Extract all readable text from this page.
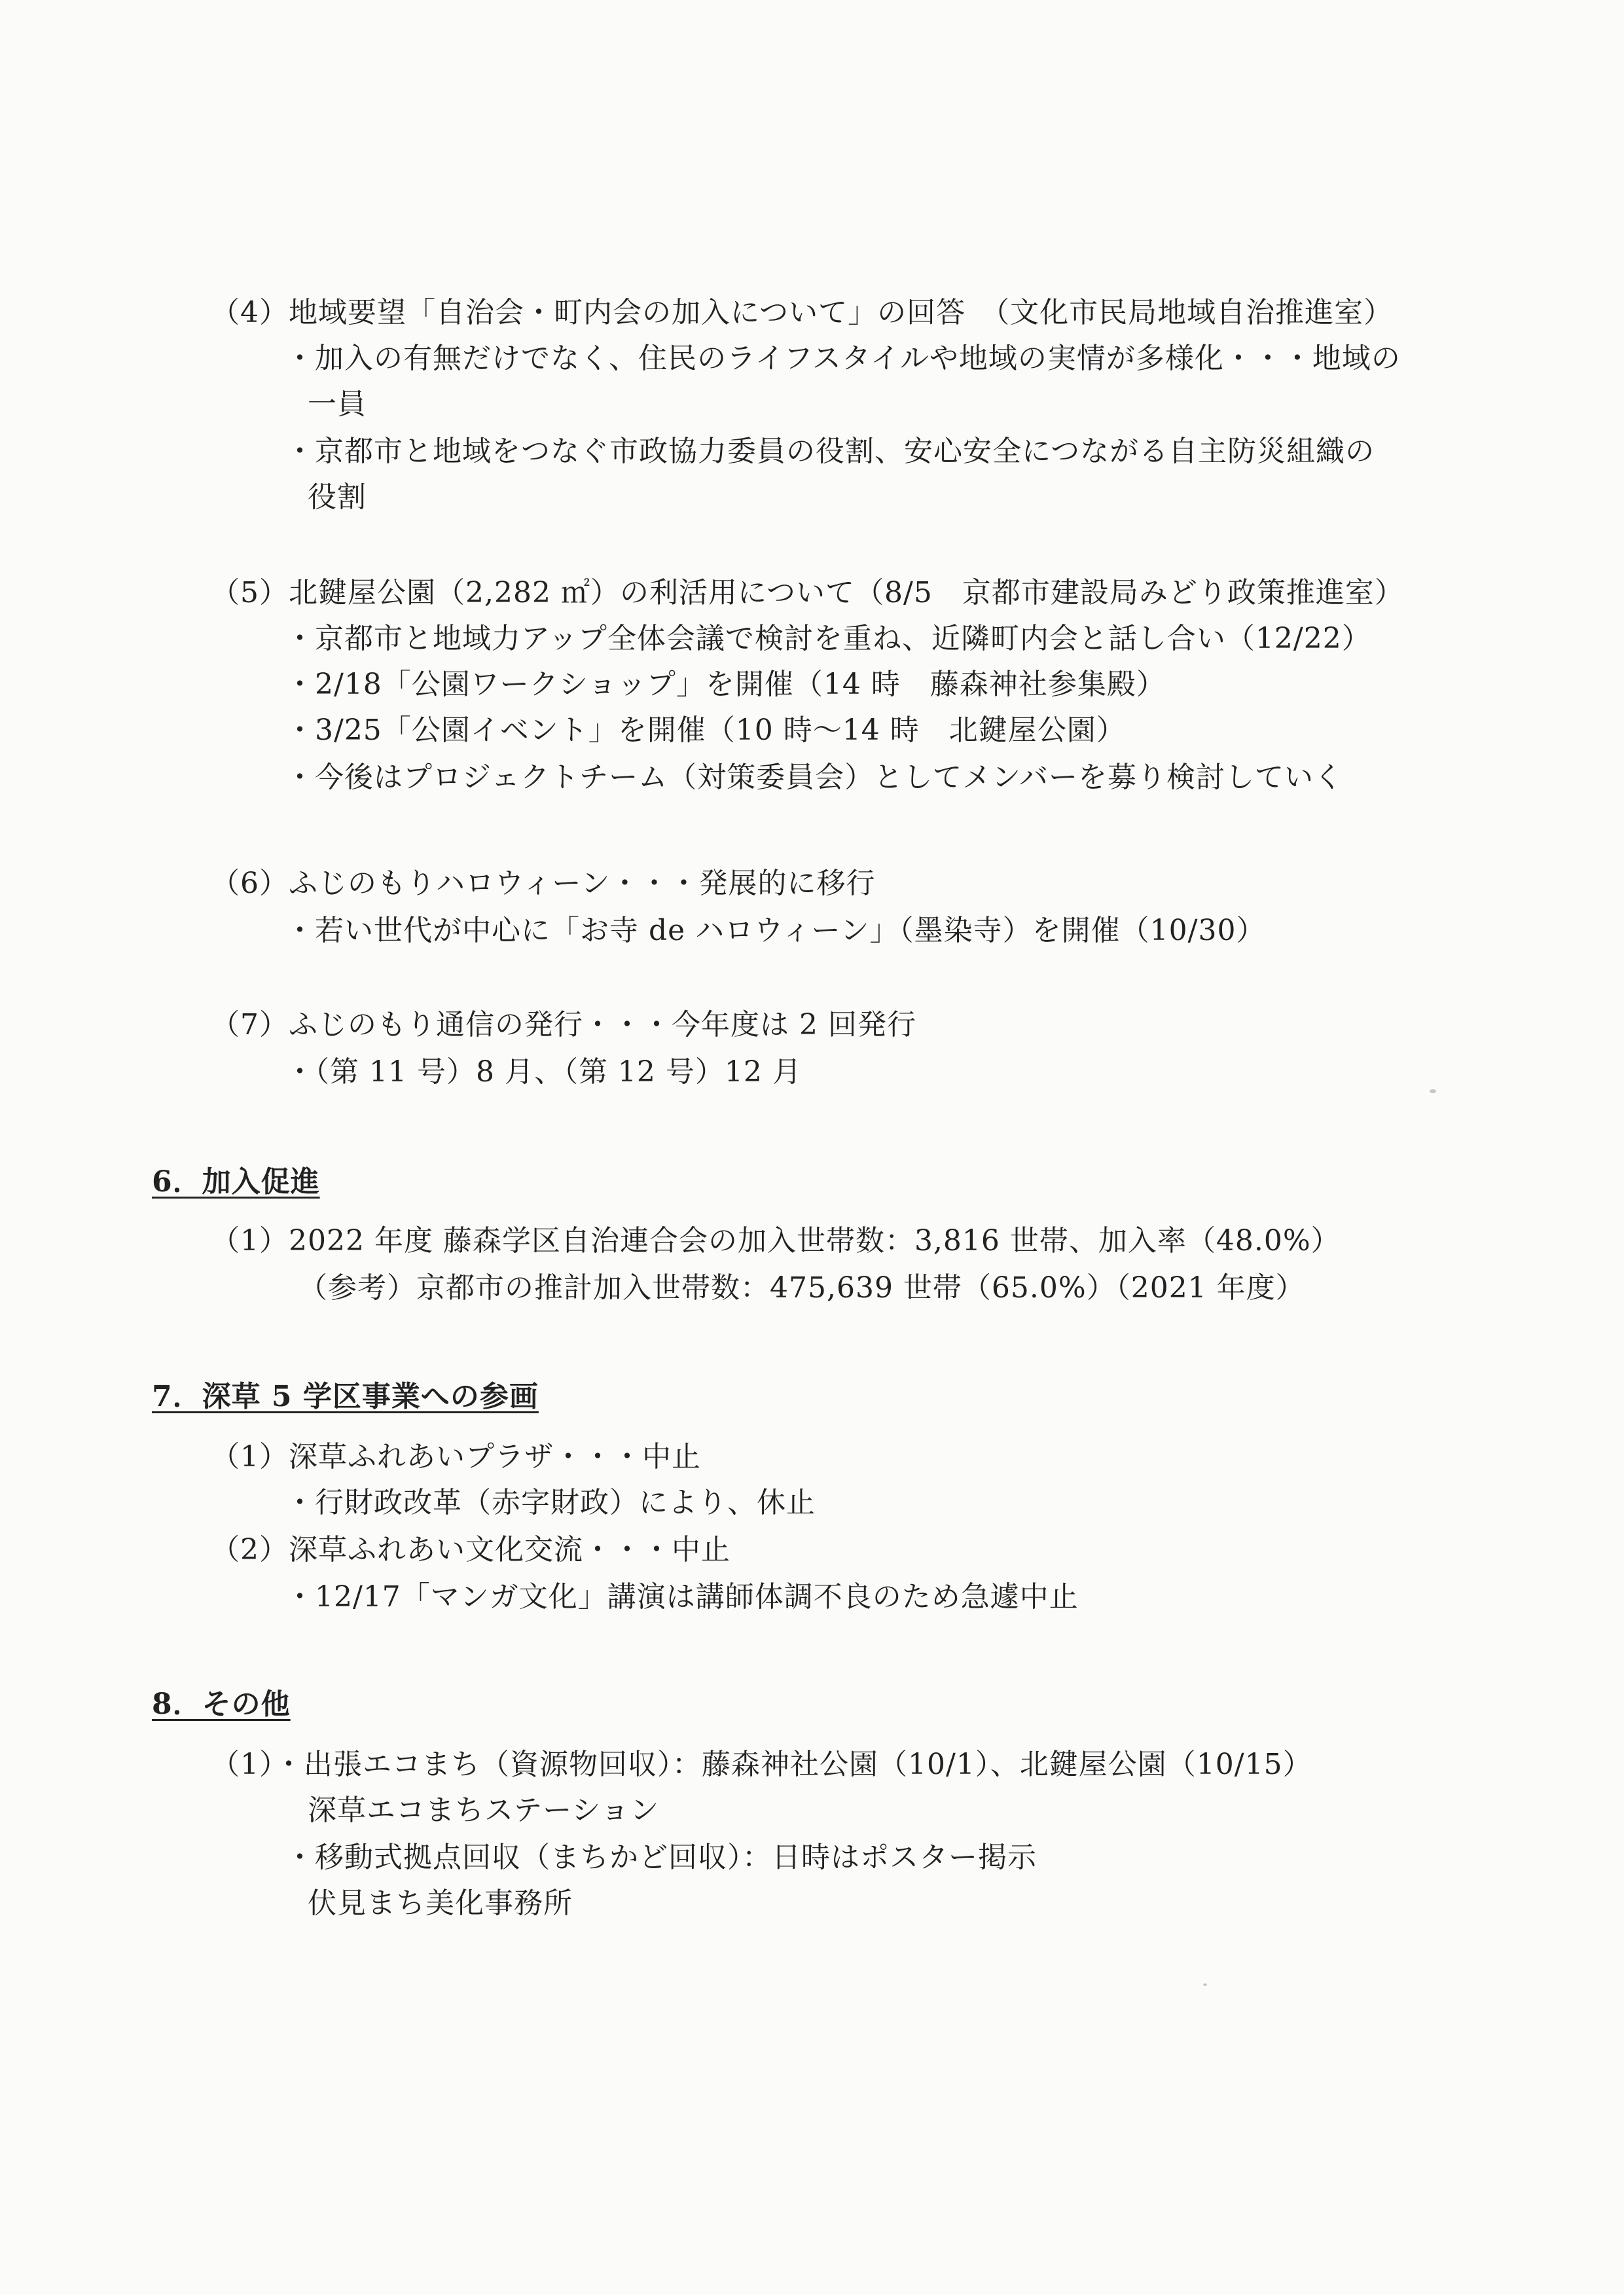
（4）地域要望「自治会・町内会の加入について」の回答　（文化市民局地域自治推進室）
・加入の有無だけでなく、住民のライフスタイルや地域の実情が多様化・・・地域の
一員
・京都市と地域をつなぐ市政協力委員の役割、安心安全につながる自主防災組織の
役割
（5）北鍵屋公園（2,282 ㎡）の利活用について（8/5　京都市建設局みどり政策推進室）
・京都市と地域力アップ全体会議で検討を重ね、近隣町内会と話し合い（12/22）
・2/18「公園ワークショップ」を開催（14 時　藤森神社参集殿）
・3/25「公園イベント」を開催（10 時～14 時　北鍵屋公園）
・今後はプロジェクトチーム（対策委員会）としてメンバーを募り検討していく
（6）ふじのもりハロウィーン・・・発展的に移行
・若い世代が中心に「お寺 de ハロウィーン」（墨染寺）を開催（10/30）
（7）ふじのもり通信の発行・・・今年度は 2 回発行
・（第 11 号）8 月、（第 12 号）12 月
6．加入促進
（1）2022 年度 藤森学区自治連合会の加入世帯数：3,816 世帯、加入率（48.0%）
（参考）京都市の推計加入世帯数：475,639 世帯（65.0%）（2021 年度）
7．深草 5 学区事業への参画
（1）深草ふれあいプラザ・・・中止
・行財政改革（赤字財政）により、休止
（2）深草ふれあい文化交流・・・中止
・12/17「マンガ文化」講演は講師体調不良のため急遽中止
8．その他
（1）・出張エコまち（資源物回収）：藤森神社公園（10/1）、北鍵屋公園（10/15）
深草エコまちステーション
・移動式拠点回収（まちかど回収）：日時はポスター掲示
伏見まち美化事務所
